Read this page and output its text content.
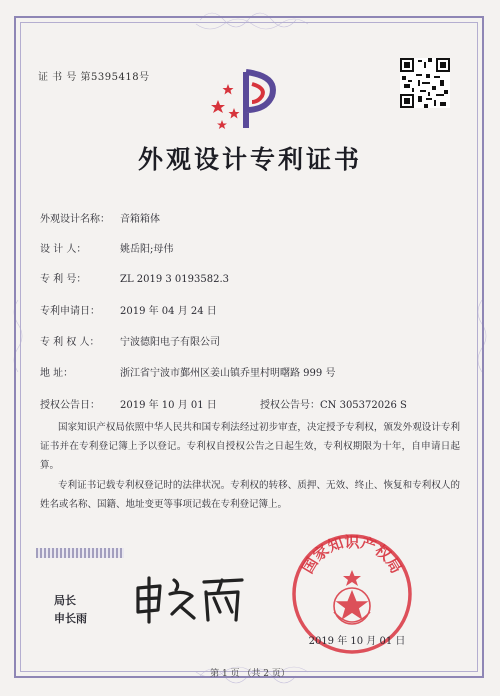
证 书 号 第5395418号
外观设计专利证书
外观设计名称： 音箱箱体
设 计 人：	姚岳阳;母伟
专 利 号：	ZL 2019 3 0193582.3
专利申请日： 2019 年 04 月 24 日
专 利 权 人： 宁波德阳电子有限公司
地 址：	浙江省宁波市鄞州区姜山镇乔里村明曙路 999 号
授权公告日： 2019 年 10 月 01 日	授权公告号：CN 305372026 S
国家知识产权局依照中华人民共和国专利法经过初步审查，决定授予专利权，颁发外观设计专利证书并在专利登记簿上予以登记。专利权自授权公告之日起生效，专利权期限为十年，自申请日起算。
专利证书记载专利权登记时的法律状况。专利权的转移、质押、无效、终止、恢复和专利权人的姓名或名称、国籍、地址变更等事项记载在专利登记簿上。
局长
申长雨
国家知识产权局
2019 年 10 月 01 日
第 1 页 （共 2 页）
